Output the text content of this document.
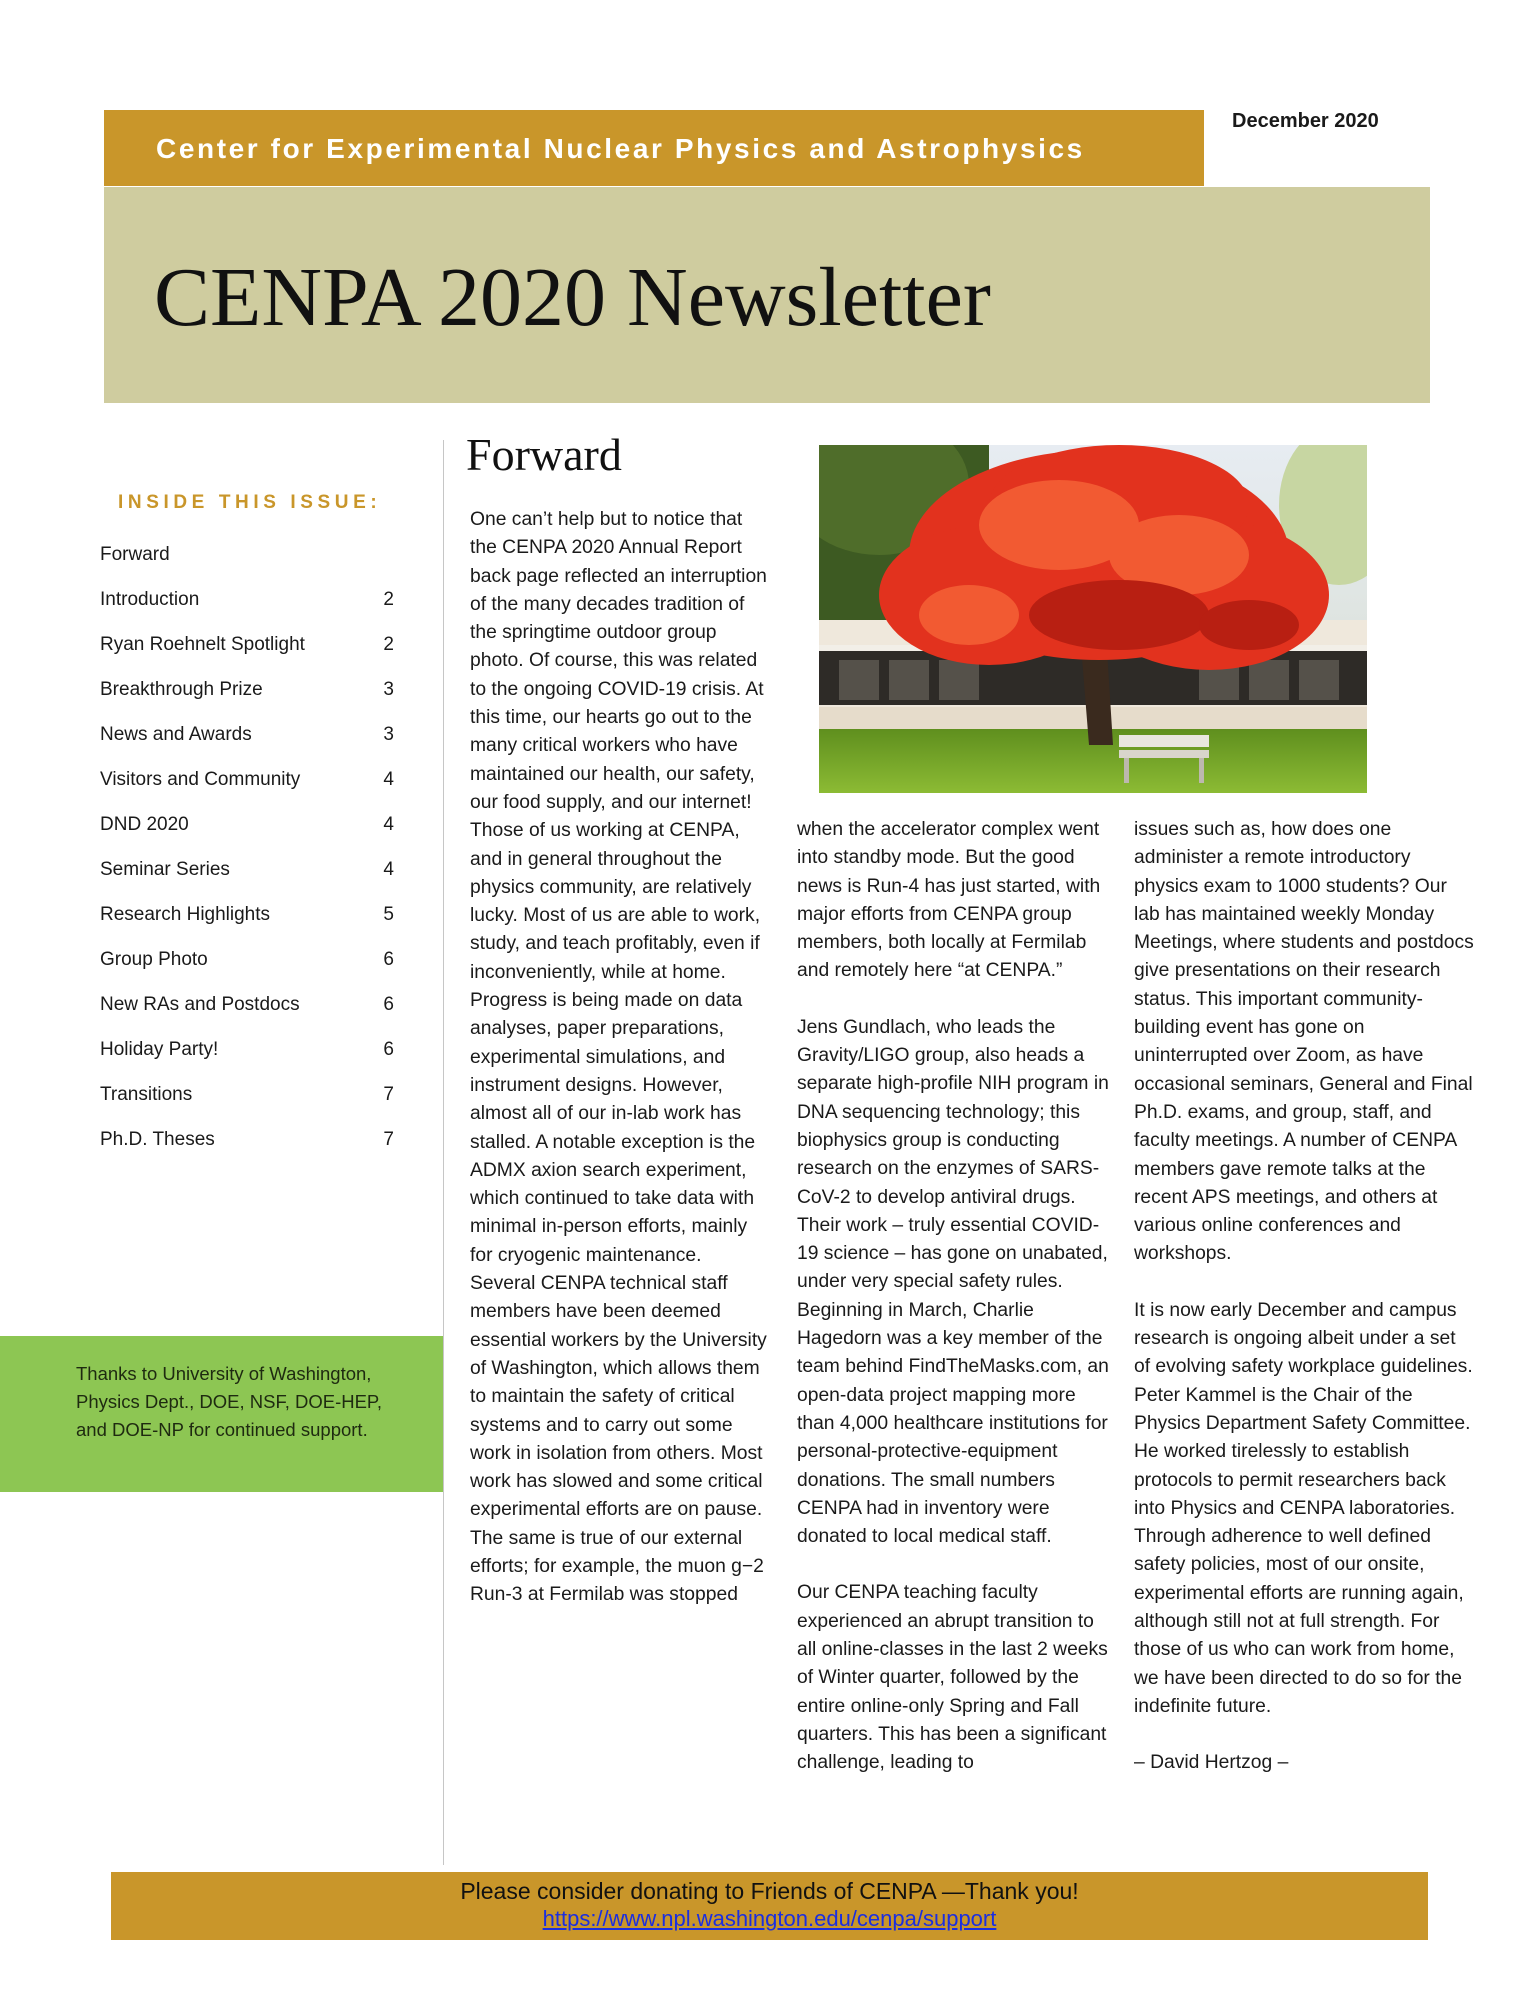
December 2020
Center for Experimental Nuclear Physics and Astrophysics
CENPA 2020 Newsletter
INSIDE THIS ISSUE:
Forward
Introduction	2
Ryan Roehnelt Spotlight	2
Breakthrough Prize	3
News and Awards	3
Visitors and Community	4
DND 2020	4
Seminar Series	4
Research Highlights	5
Group Photo	6
New RAs and Postdocs	6
Holiday Party!	6
Transitions	7
Ph.D. Theses	7

Thanks to University of Washington, Physics Dept., DOE, NSF, DOE-HEP, and DOE-NP for continued support.

Forward

One can’t help but to notice that the CENPA 2020 Annual Report back page reflected an interruption of the many decades tradition of the springtime outdoor group photo. Of course, this was related to the ongoing COVID-19 crisis. At this time, our hearts go out to the many critical workers who have maintained our health, our safety, our food supply, and our internet! Those of us working at CENPA, and in general throughout the physics community, are relatively lucky. Most of us are able to work, study, and teach profitably, even if inconveniently, while at home. Progress is being made on data analyses, paper preparations, experimental simulations, and instrument designs. However, almost all of our in-lab work has stalled. A notable exception is the ADMX axion search experiment, which continued to take data with minimal in-person efforts, mainly for cryogenic maintenance. Several CENPA technical staff members have been deemed essential workers by the University of Washington, which allows them to maintain the safety of critical systems and to carry out some work in isolation from others. Most work has slowed and some critical experimental efforts are on pause. The same is true of our external efforts; for example, the muon g−2 Run-3 at Fermilab was stopped

when the accelerator complex went into standby mode. But the good news is Run-4 has just started, with major efforts from CENPA group members, both locally at Fermilab and remotely here “at CENPA.”

Jens Gundlach, who leads the Gravity/LIGO group, also heads a separate high-profile NIH program in DNA sequencing technology; this biophysics group is conducting research on the enzymes of SARS-CoV-2 to develop antiviral drugs. Their work – truly essential COVID-19 science – has gone on unabated, under very special safety rules. Beginning in March, Charlie Hagedorn was a key member of the team behind FindTheMasks.com, an open-data project mapping more than 4,000 healthcare institutions for personal-protective-equipment donations. The small numbers CENPA had in inventory were donated to local medical staff.

Our CENPA teaching faculty experienced an abrupt transition to all online-classes in the last 2 weeks of Winter quarter, followed by the entire online-only Spring and Fall quarters. This has been a significant challenge, leading to

issues such as, how does one administer a remote introductory physics exam to 1000 students? Our lab has maintained weekly Monday Meetings, where students and postdocs give presentations on their research status. This important community-building event has gone on uninterrupted over Zoom, as have occasional seminars, General and Final Ph.D. exams, and group, staff, and faculty meetings. A number of CENPA members gave remote talks at the recent APS meetings, and others at various online conferences and workshops.

It is now early December and campus research is ongoing albeit under a set of evolving safety workplace guidelines. Peter Kammel is the Chair of the Physics Department Safety Committee. He worked tirelessly to establish protocols to permit researchers back into Physics and CENPA laboratories. Through adherence to well defined safety policies, most of our onsite, experimental efforts are running again, although still not at full strength. For those of us who can work from home, we have been directed to do so for the indefinite future.

– David Hertzog –

Please consider donating to Friends of CENPA —Thank you!
https://www.npl.washington.edu/cenpa/support
